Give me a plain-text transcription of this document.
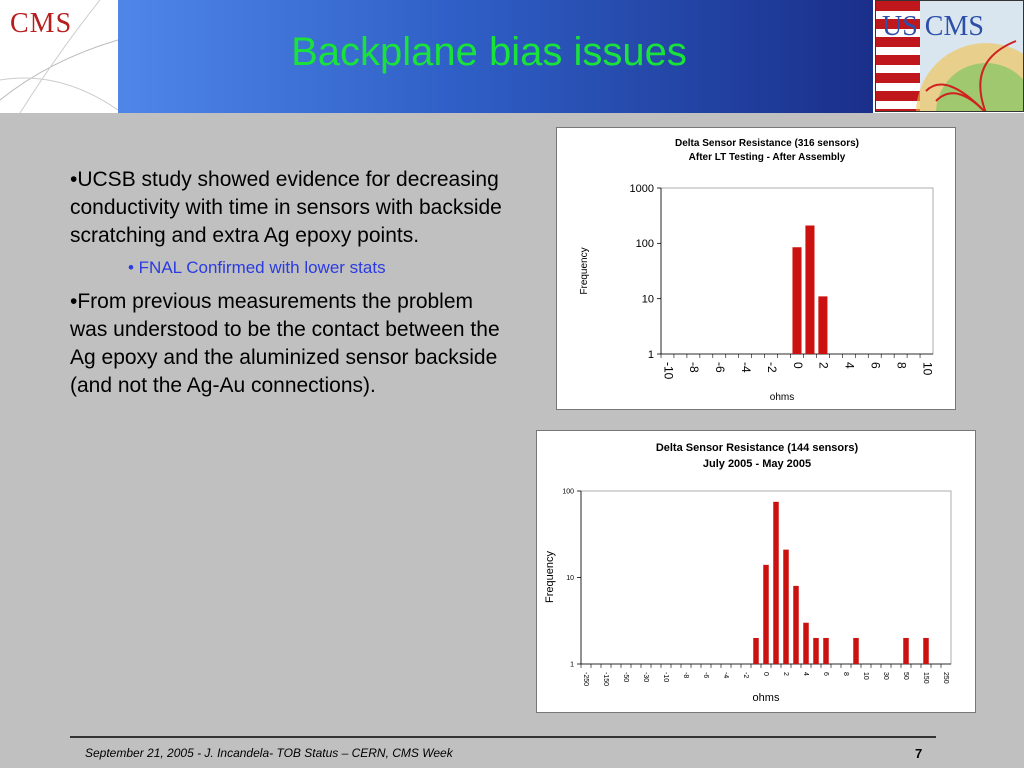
CMS
Backplane bias issues
US CMS

•UCSB study showed evidence for decreasing conductivity with time in sensors with backside scratching and extra Ag epoxy points.

• FNAL Confirmed with lower stats

•From previous measurements the problem was understood to be the contact between the Ag epoxy and the aluminized sensor backside (and not the Ag-Au connections).

Delta Sensor Resistance (316 sensors)
After LT Testing - After Assembly
1
10
100
1000
-10 -8 -6 -4 -2 0 2 4 6 8 10
Frequency
ohms
Delta Sensor Resistance (144 sensors)
July 2005 - May 2005
1
10
100
-250 -150 -50 -30 -10 -8 -6 -4 -2 0 2 4 6 8 10 30 50 150 250
Frequency
ohms
September 21, 2005 - J. Incandela- TOB Status – CERN, CMS Week	7
